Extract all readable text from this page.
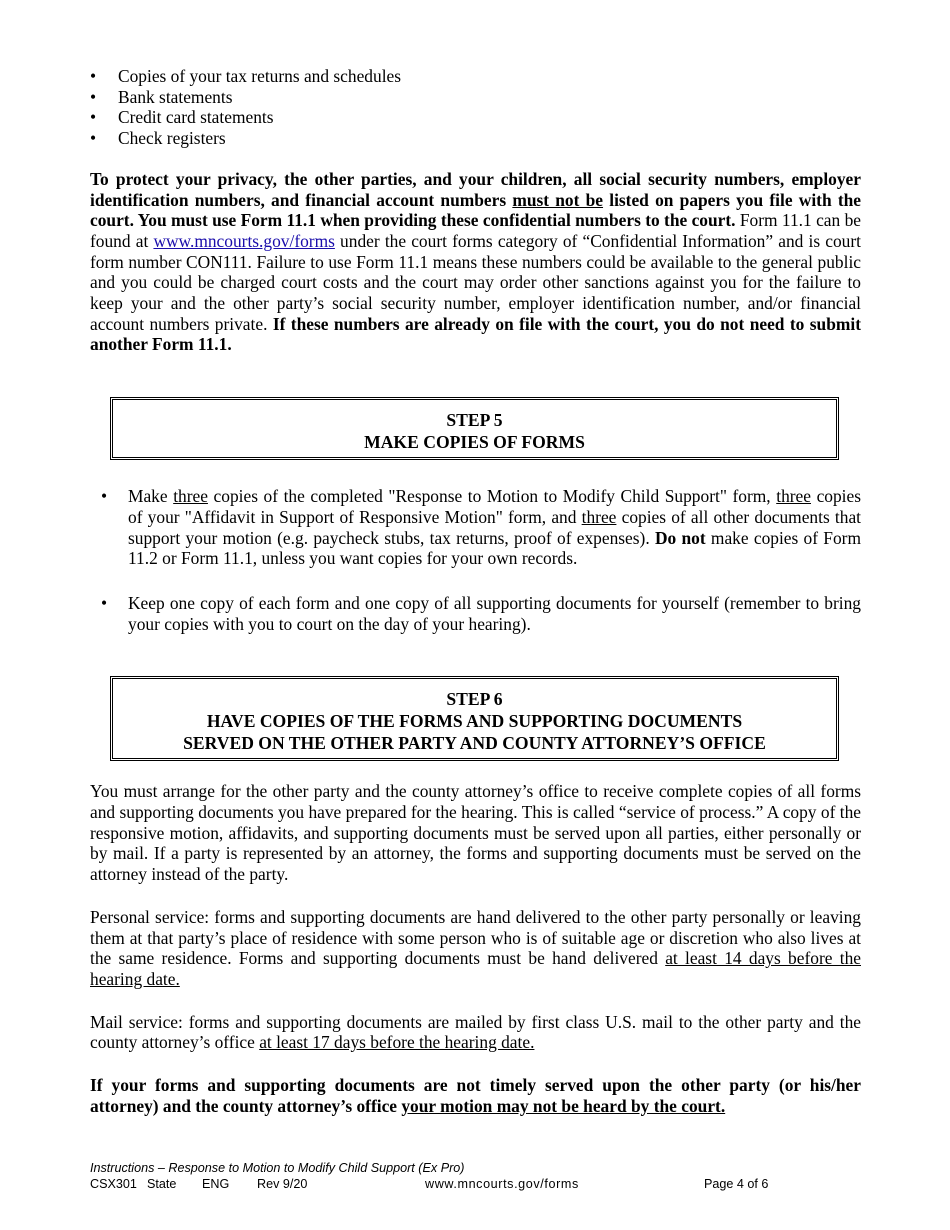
• Copies of your tax returns and schedules
• Bank statements
• Credit card statements
• Check registers

To protect your privacy, the other parties, and your children, all social security numbers, employer identification numbers, and financial account numbers must not be listed on papers you file with the court. You must use Form 11.1 when providing these confidential numbers to the court. Form 11.1 can be found at www.mncourts.gov/forms under the court forms category of “Confidential Information” and is court form number CON111. Failure to use Form 11.1 means these numbers could be available to the general public and you could be charged court costs and the court may order other sanctions against you for the failure to keep your and the other party’s social security number, employer identification number, and/or financial account numbers private. If these numbers are already on file with the court, you do not need to submit another Form 11.1.

STEP 5
MAKE COPIES OF FORMS
• Make three copies of the completed "Response to Motion to Modify Child Support" form, three copies of your "Affidavit in Support of Responsive Motion" form, and three copies of all other documents that support your motion (e.g. paycheck stubs, tax returns, proof of expenses). Do not make copies of Form 11.2 or Form 11.1, unless you want copies for your own records.
• Keep one copy of each form and one copy of all supporting documents for yourself (remember to bring your copies with you to court on the day of your hearing).
STEP 6
HAVE COPIES OF THE FORMS AND SUPPORTING DOCUMENTS
SERVED ON THE OTHER PARTY AND COUNTY ATTORNEY’S OFFICE

You must arrange for the other party and the county attorney’s office to receive complete copies of all forms and supporting documents you have prepared for the hearing. This is called “service of process.” A copy of the responsive motion, affidavits, and supporting documents must be served upon all parties, either personally or by mail. If a party is represented by an attorney, the forms and supporting documents must be served on the attorney instead of the party.

Personal service: forms and supporting documents are hand delivered to the other party personally or leaving them at that party’s place of residence with some person who is of suitable age or discretion who also lives at the same residence. Forms and supporting documents must be hand delivered at least 14 days before the hearing date.

Mail service: forms and supporting documents are mailed by first class U.S. mail to the other party and the county attorney’s office at least 17 days before the hearing date.

If your forms and supporting documents are not timely served upon the other party (or his/her attorney) and the county attorney’s office your motion may not be heard by the court.

Instructions – Response to Motion to Modify Child Support (Ex Pro)
CSX301 State ENG Rev 9/20	www.mncourts.gov/forms	Page 4 of 6
